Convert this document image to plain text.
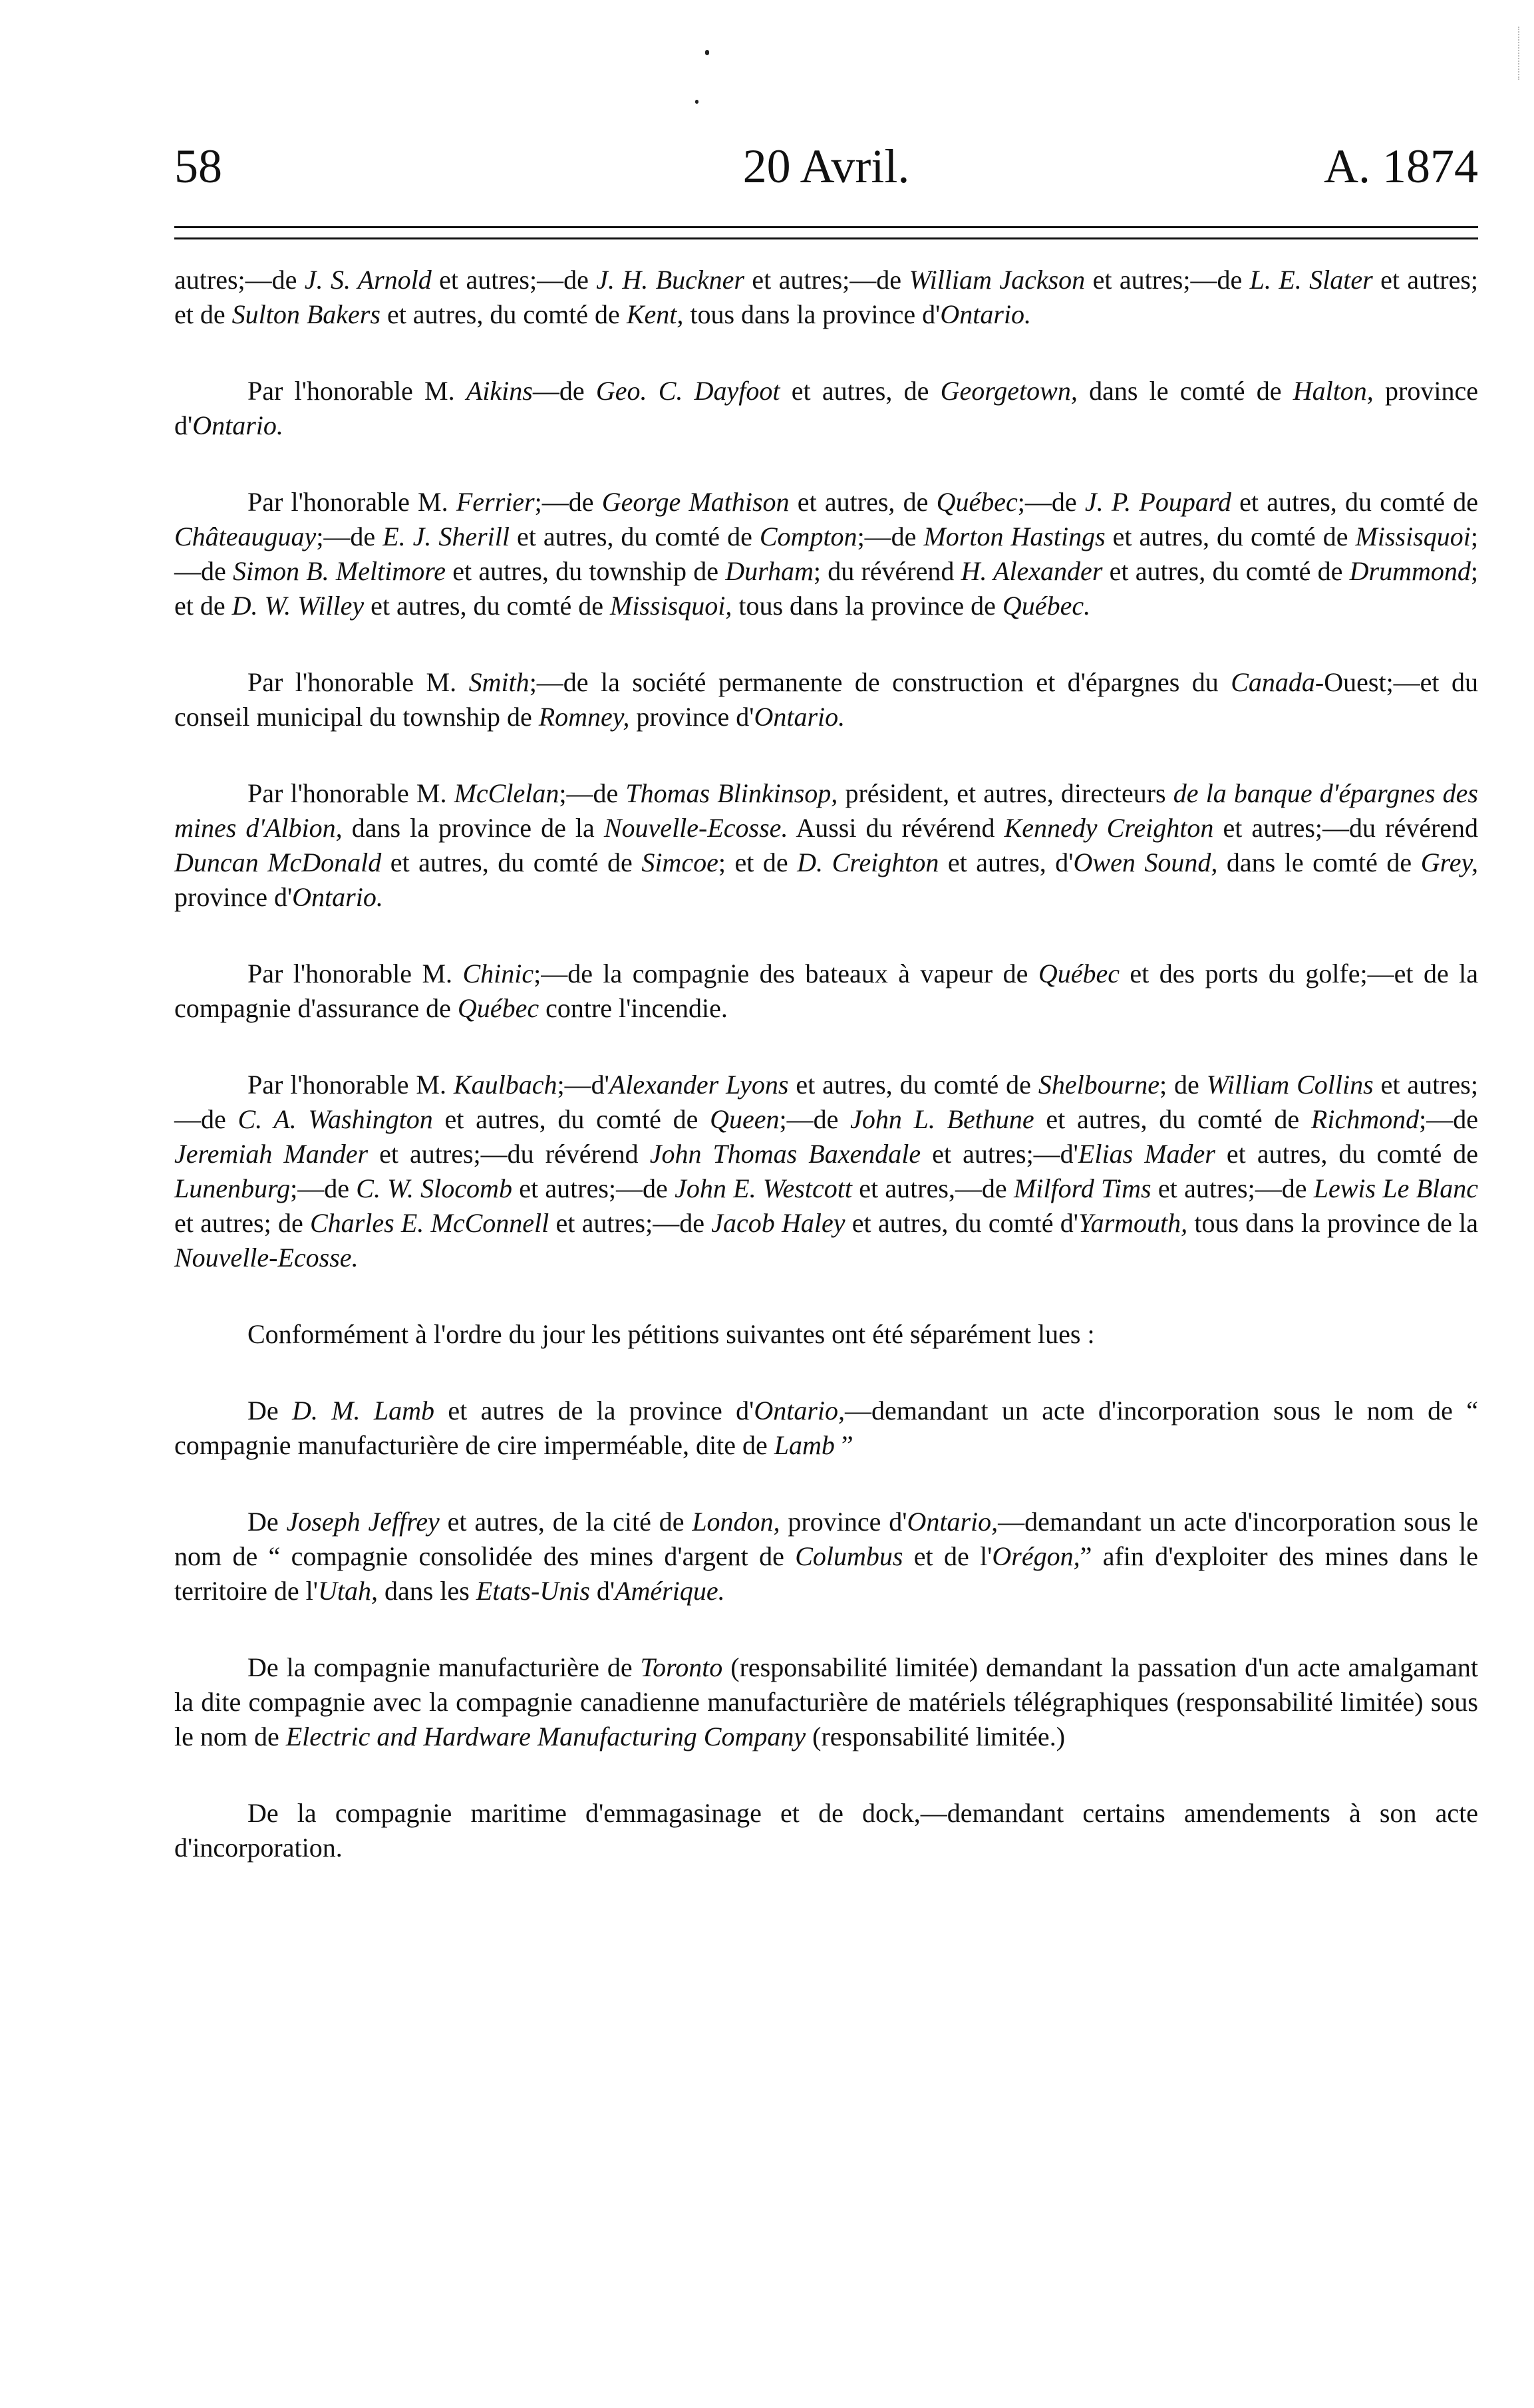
58	20 Avril.	A. 1874

autres;—de J. S. Arnold et autres;—de J. H. Buckner et autres;—de William Jackson et autres;—de L. E. Slater et autres; et de Sulton Bakers et autres, du comté de Kent, tous dans la province d'Ontario.

Par l'honorable M. Aikins—de Geo. C. Dayfoot et autres, de Georgetown, dans le comté de Halton, province d'Ontario.

Par l'honorable M. Ferrier;—de George Mathison et autres, de Québec;—de J. P. Poupard et autres, du comté de Châteauguay;—de E. J. Sherill et autres, du comté de Compton;—de Morton Hastings et autres, du comté de Missisquoi;—de Simon B. Meltimore et autres, du township de Durham; du révérend H. Alexander et autres, du comté de Drummond; et de D. W. Willey et autres, du comté de Missisquoi, tous dans la province de Québec.

Par l'honorable M. Smith;—de la société permanente de construction et d'épargnes du Canada-Ouest;—et du conseil municipal du township de Romney, province d'Ontario.

Par l'honorable M. McClelan;—de Thomas Blinkinsop, président, et autres, directeurs de la banque d'épargnes des mines d'Albion, dans la province de la Nouvelle-Ecosse. Aussi du révérend Kennedy Creighton et autres;—du révérend Duncan McDonald et autres, du comté de Simcoe; et de D. Creighton et autres, d'Owen Sound, dans le comté de Grey, province d'Ontario.

Par l'honorable M. Chinic;—de la compagnie des bateaux à vapeur de Québec et des ports du golfe;—et de la compagnie d'assurance de Québec contre l'incendie.

Par l'honorable M. Kaulbach;—d'Alexander Lyons et autres, du comté de Shelbourne; de William Collins et autres;—de C. A. Washington et autres, du comté de Queen;—de John L. Bethune et autres, du comté de Richmond;—de Jeremiah Mander et autres;—du révérend John Thomas Baxendale et autres;—d'Elias Mader et autres, du comté de Lunenburg;—de C. W. Slocomb et autres;—de John E. Westcott et autres,—de Milford Tims et autres;—de Lewis Le Blanc et autres; de Charles E. McConnell et autres;—de Jacob Haley et autres, du comté d'Yarmouth, tous dans la province de la Nouvelle-Ecosse.

Conformément à l'ordre du jour les pétitions suivantes ont été séparément lues :

De D. M. Lamb et autres de la province d'Ontario,—demandant un acte d'incorporation sous le nom de “ compagnie manufacturière de cire imperméable, dite de Lamb ”

De Joseph Jeffrey et autres, de la cité de London, province d'Ontario,—demandant un acte d'incorporation sous le nom de “ compagnie consolidée des mines d'argent de Columbus et de l'Orégon,” afin d'exploiter des mines dans le territoire de l'Utah, dans les Etats-Unis d'Amérique.

De la compagnie manufacturière de Toronto (responsabilité limitée) demandant la passation d'un acte amalgamant la dite compagnie avec la compagnie canadienne manufacturière de matériels télégraphiques (responsabilité limitée) sous le nom de Electric and Hardware Manufacturing Company (responsabilité limitée.)

De la compagnie maritime d'emmagasinage et de dock,—demandant certains amendements à son acte d'incorporation.
